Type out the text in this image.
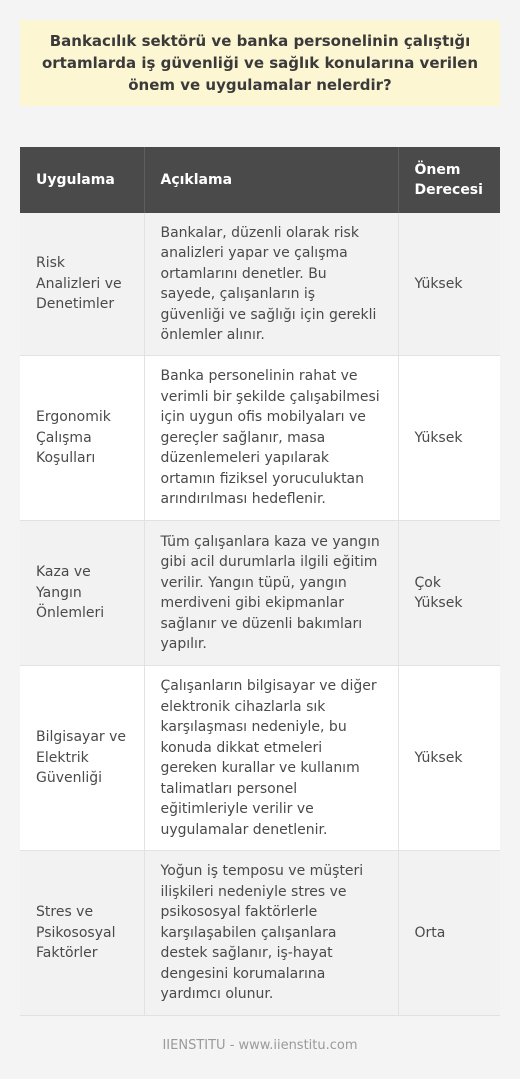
Bankacılık sektörü ve banka personelinin çalıştığı ortamlarda iş güvenliği ve sağlık konularına verilen önem ve uygulamalar nelerdir?
Uygulama	Açıklama	Önem Derecesi
Risk Analizleri ve Denetimler	Bankalar, düzenli olarak risk analizleri yapar ve çalışma ortamlarını denetler. Bu sayede, çalışanların iş güvenliği ve sağlığı için gerekli önlemler alınır.	Yüksek
Ergonomik Çalışma Koşulları	Banka personelinin rahat ve verimli bir şekilde çalışabilmesi için uygun ofis mobilyaları ve gereçler sağlanır, masa düzenlemeleri yapılarak ortamın fiziksel yoruculuktan arındırılması hedeflenir.	Yüksek
Kaza ve Yangın Önlemleri	Tüm çalışanlara kaza ve yangın gibi acil durumlarla ilgili eğitim verilir. Yangın tüpü, yangın merdiveni gibi ekipmanlar sağlanır ve düzenli bakımları yapılır.	Çok Yüksek
Bilgisayar ve Elektrik Güvenliği	Çalışanların bilgisayar ve diğer elektronik cihazlarla sık karşılaşması nedeniyle, bu konuda dikkat etmeleri gereken kurallar ve kullanım talimatları personel eğitimleriyle verilir ve uygulamalar denetlenir.	Yüksek
Stres ve Psikososyal Faktörler	Yoğun iş temposu ve müşteri ilişkileri nedeniyle stres ve psikososyal faktörlerle karşılaşabilen çalışanlara destek sağlanır, iş-hayat dengesini korumalarına yardımcı olunur.	Orta
IIENSTITU - www.iienstitu.com
